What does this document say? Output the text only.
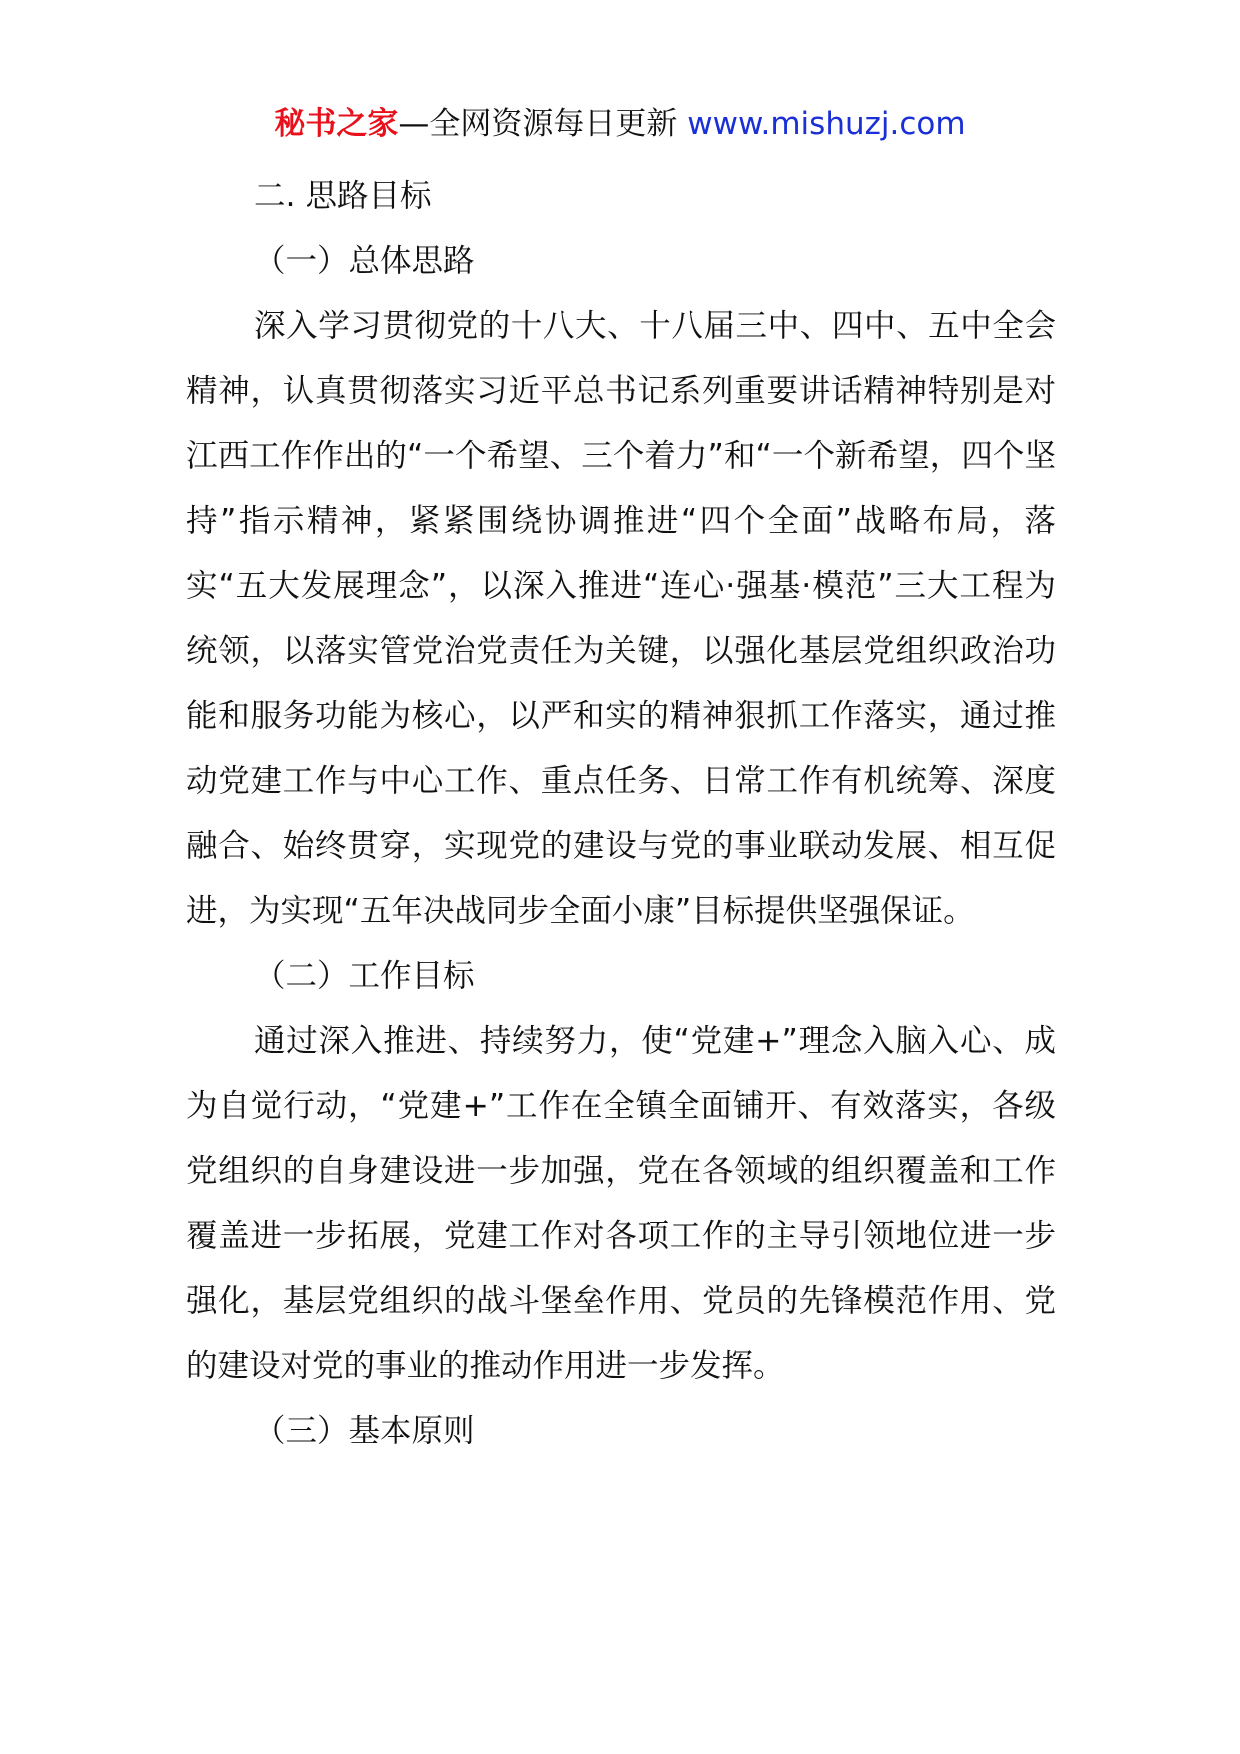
秘书之家—全网资源每日更新 www.mishuzj.com

二. 思路目标

（一）总体思路

深入学习贯彻党的十八大、十八届三中、四中、五中全会精神，认真贯彻落实习近平总书记系列重要讲话精神特别是对江西工作作出的“一个希望、三个着力”和“一个新希望，四个坚持”指示精神，紧紧围绕协调推进“四个全面”战略布局，落实“五大发展理念”，以深入推进“连心·强基·模范”三大工程为统领，以落实管党治党责任为关键，以强化基层党组织政治功能和服务功能为核心，以严和实的精神狠抓工作落实，通过推动党建工作与中心工作、重点任务、日常工作有机统筹、深度融合、始终贯穿，实现党的建设与党的事业联动发展、相互促进，为实现“五年决战同步全面小康”目标提供坚强保证。

（二）工作目标

通过深入推进、持续努力，使“党建+”理念入脑入心、成为自觉行动，“党建+”工作在全镇全面铺开、有效落实，各级党组织的自身建设进一步加强，党在各领域的组织覆盖和工作覆盖进一步拓展，党建工作对各项工作的主导引领地位进一步强化，基层党组织的战斗堡垒作用、党员的先锋模范作用、党的建设对党的事业的推动作用进一步发挥。

（三）基本原则
